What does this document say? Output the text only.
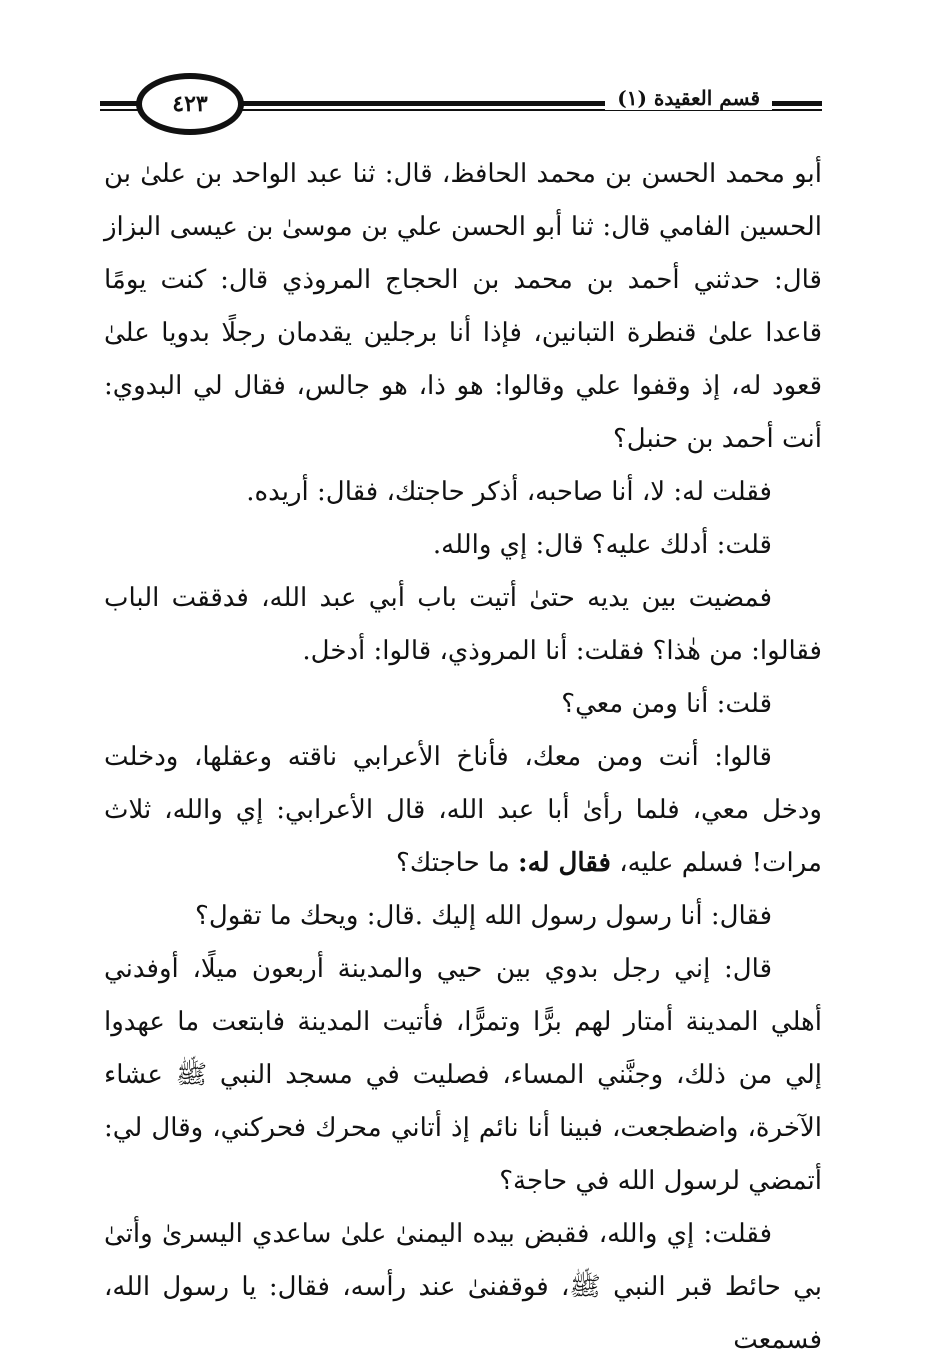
قسم العقيدة (١)
٤٢٣

أبو محمد الحسن بن محمد الحافظ، قال: ثنا عبد الواحد بن علىٰ بن الحسين الفامي قال: ثنا أبو الحسن علي بن موسىٰ بن عيسى البزاز قال: حدثني أحمد بن محمد بن الحجاج المروذي قال: كنت يومًا قاعدا علىٰ قنطرة التبانين، فإذا أنا برجلين يقدمان رجلًا بدويا علىٰ قعود له، إذ وقفوا علي وقالوا: هو ذا، هو جالس، فقال لي البدوي: أنت أحمد بن حنبل؟

فقلت له: لا، أنا صاحبه، أذكر حاجتك، فقال: أريده.

قلت: أدلك عليه؟ قال: إي والله.

فمضيت بين يديه حتىٰ أتيت باب أبي عبد الله، فدققت الباب فقالوا: من هٰذا؟ فقلت: أنا المروذي، قالوا: أدخل.

قلت: أنا ومن معي؟

قالوا: أنت ومن معك، فأناخ الأعرابي ناقته وعقلها، ودخلت ودخل معي، فلما رأىٰ أبا عبد الله، قال الأعرابي: إي والله، ثلاث مرات! فسلم عليه، فقال له: ما حاجتك؟

فقال: أنا رسول رسول الله إليك .قال: ويحك ما تقول؟

قال: إني رجل بدوي بين حيي والمدينة أربعون ميلًا، أوفدني أهلي المدينة أمتار لهم برًّا وتمرًّا، فأتيت المدينة فابتعت ما عهدوا إلي من ذلك، وجنَّني المساء، فصليت في مسجد النبي ﷺ عشاء الآخرة، واضطجعت، فبينا أنا نائم إذ أتاني محرك فحركني، وقال لي: أتمضي لرسول الله في حاجة؟

فقلت: إي والله، فقبض بيده اليمنىٰ علىٰ ساعدي اليسرىٰ وأتىٰ بي حائط قبر النبي ﷺ، فوقفنىٰ عند رأسه، فقال: يا رسول الله، فسمعت
